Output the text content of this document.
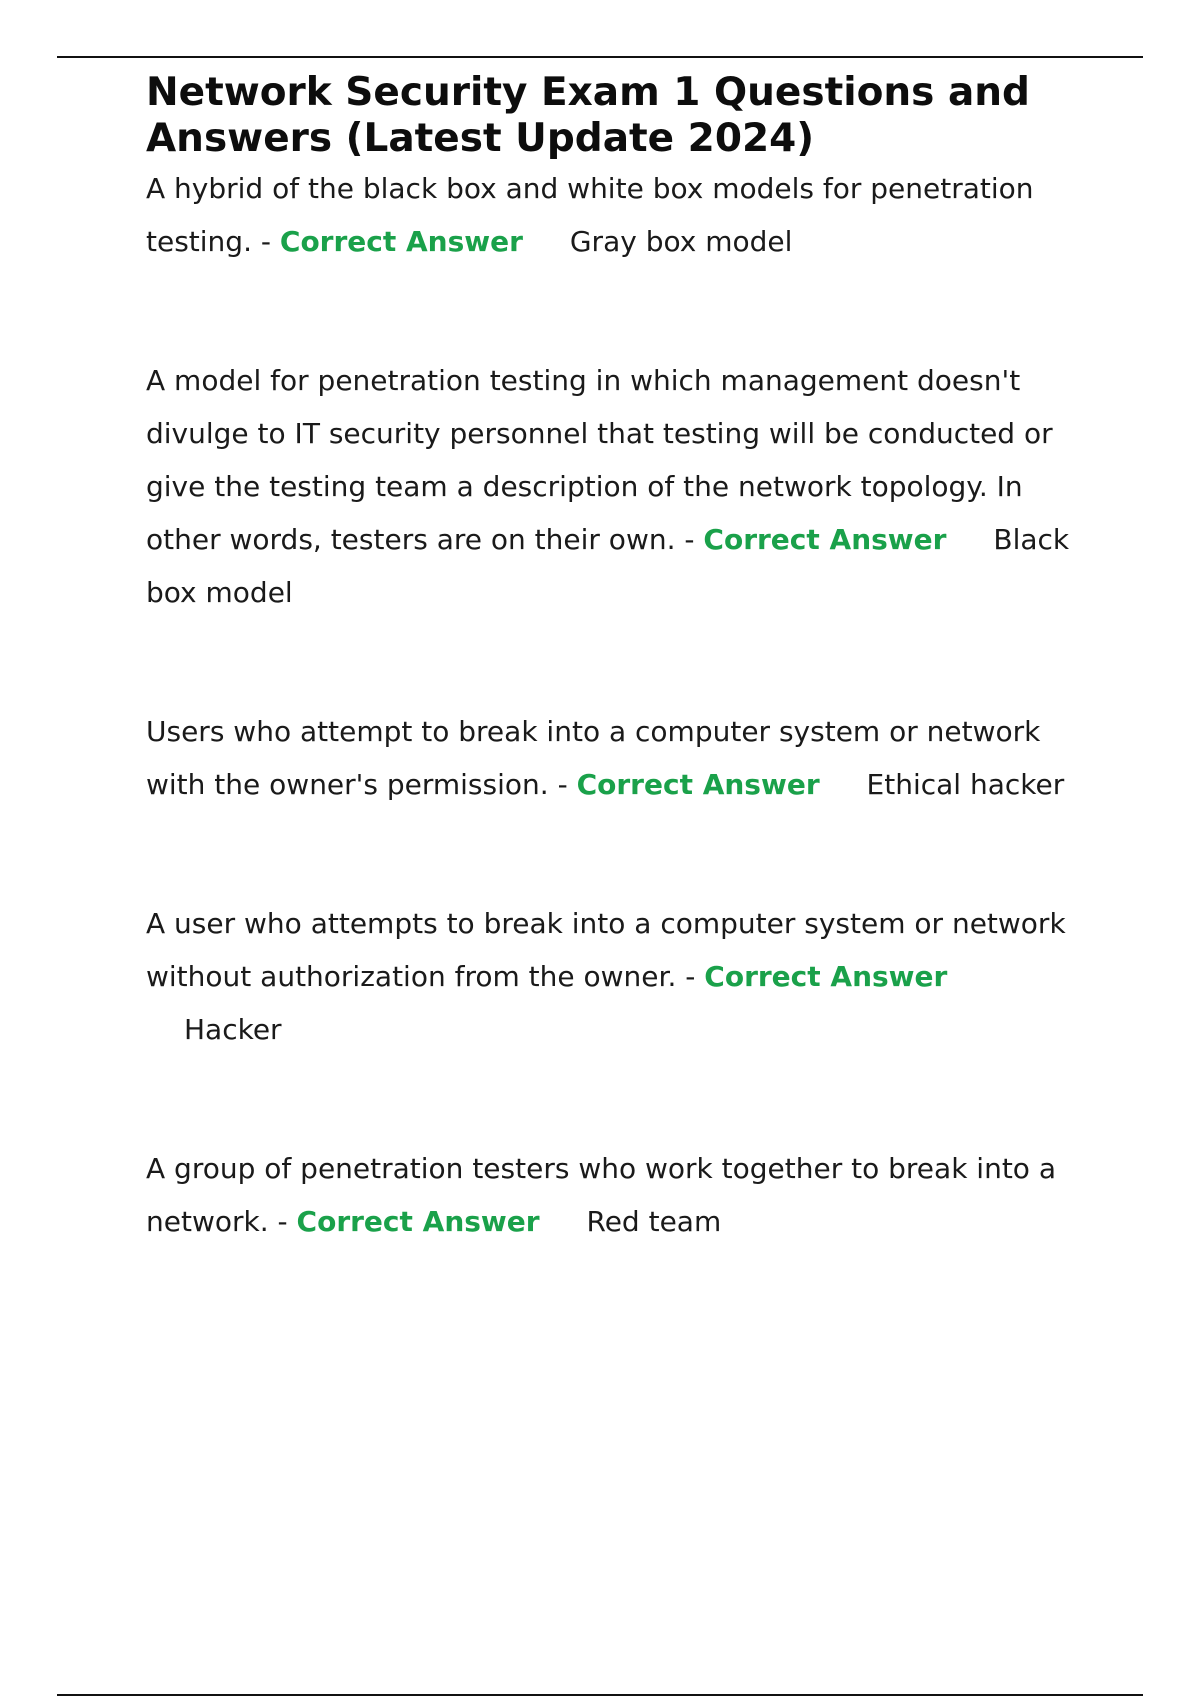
Network Security Exam 1 Questions and Answers (Latest Update 2024)

A hybrid of the black box and white box models for penetration testing. - Correct Answer Gray box model

A model for penetration testing in which management doesn't divulge to IT security personnel that testing will be conducted or give the testing team a description of the network topology. In other words, testers are on their own. - Correct Answer Black box model

Users who attempt to break into a computer system or network with the owner's permission. - Correct Answer Ethical hacker

A user who attempts to break into a computer system or network without authorization from the owner. - Correct Answer Hacker

A group of penetration testers who work together to break into a network. - Correct Answer Red team
